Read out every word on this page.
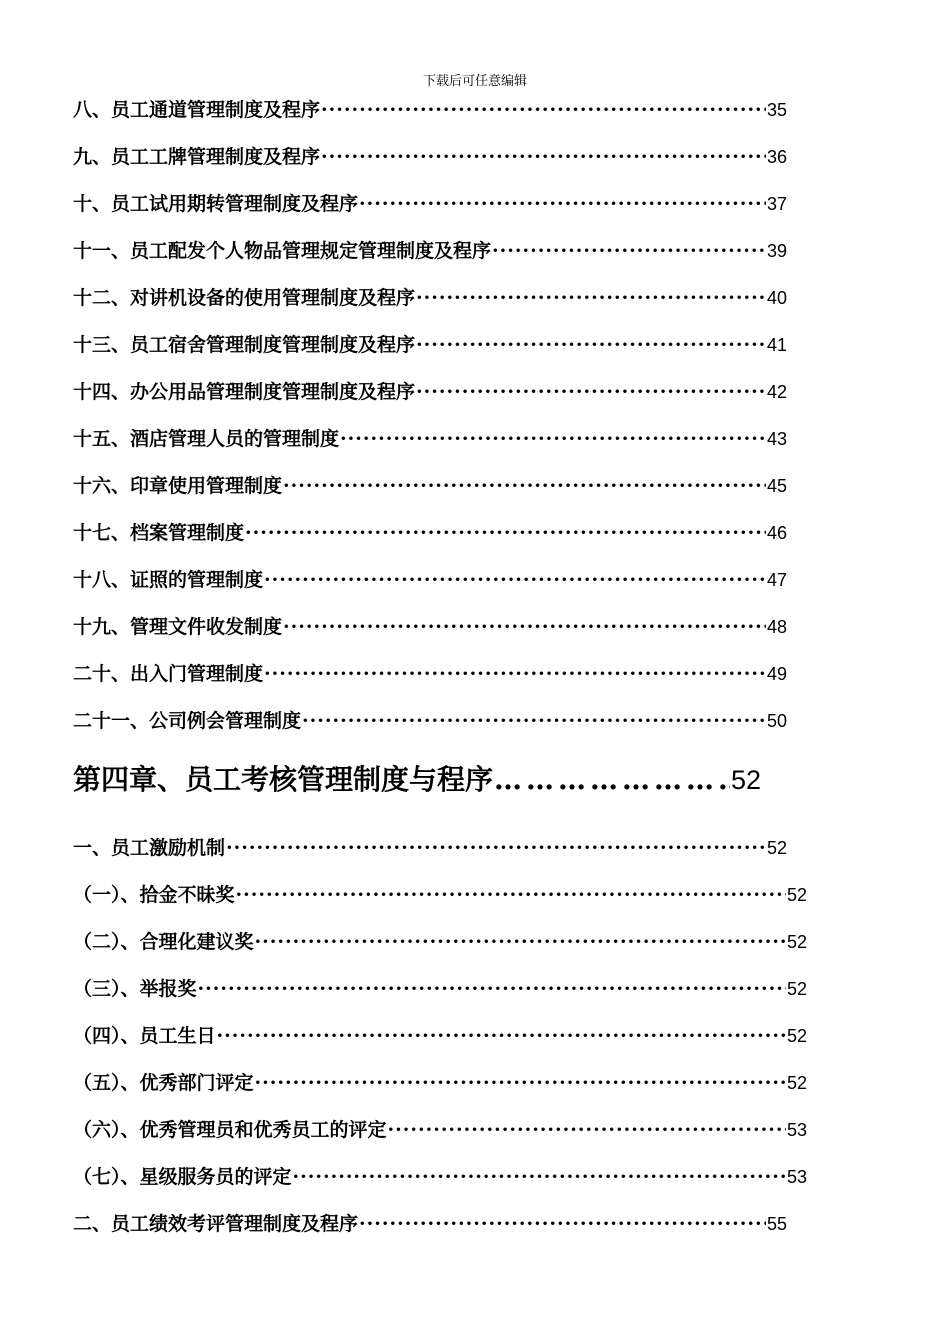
下载后可任意编辑
八、员工通道管理制度及程序 ·····	35
九、员工工牌管理制度及程序 ·····	36
十、员工试用期转管理制度及程序 ·····	37
十一、员工配发个人物品管理规定管理制度及程序 ·····	39
十二、对讲机设备的使用管理制度及程序 ·····	40
十三、员工宿舍管理制度管理制度及程序 ·····	41
十四、办公用品管理制度管理制度及程序 ·····	42
十五、酒店管理人员的管理制度 ·····	43
十六、印章使用管理制度 ·····	45
十七、档案管理制度 ·····	46
十八、证照的管理制度 ·····	47
十九、管理文件收发制度 ·····	48
二十、出入门管理制度 ·····	49
二十一、公司例会管理制度 ·····	50
第四章、员工考核管理制度与程序 …………………………………………………………	52
一、员工激励机制 ·····	52
（一）、拾金不昧奖 ·····	52
（二）、合理化建议奖 ·····	52
（三）、举报奖 ·····	52
（四）、员工生日 ·····	52
（五）、优秀部门评定 ·····	52
（六）、优秀管理员和优秀员工的评定 ·····	53
（七）、星级服务员的评定 ·····	53
二、员工绩效考评管理制度及程序 ·····	55
